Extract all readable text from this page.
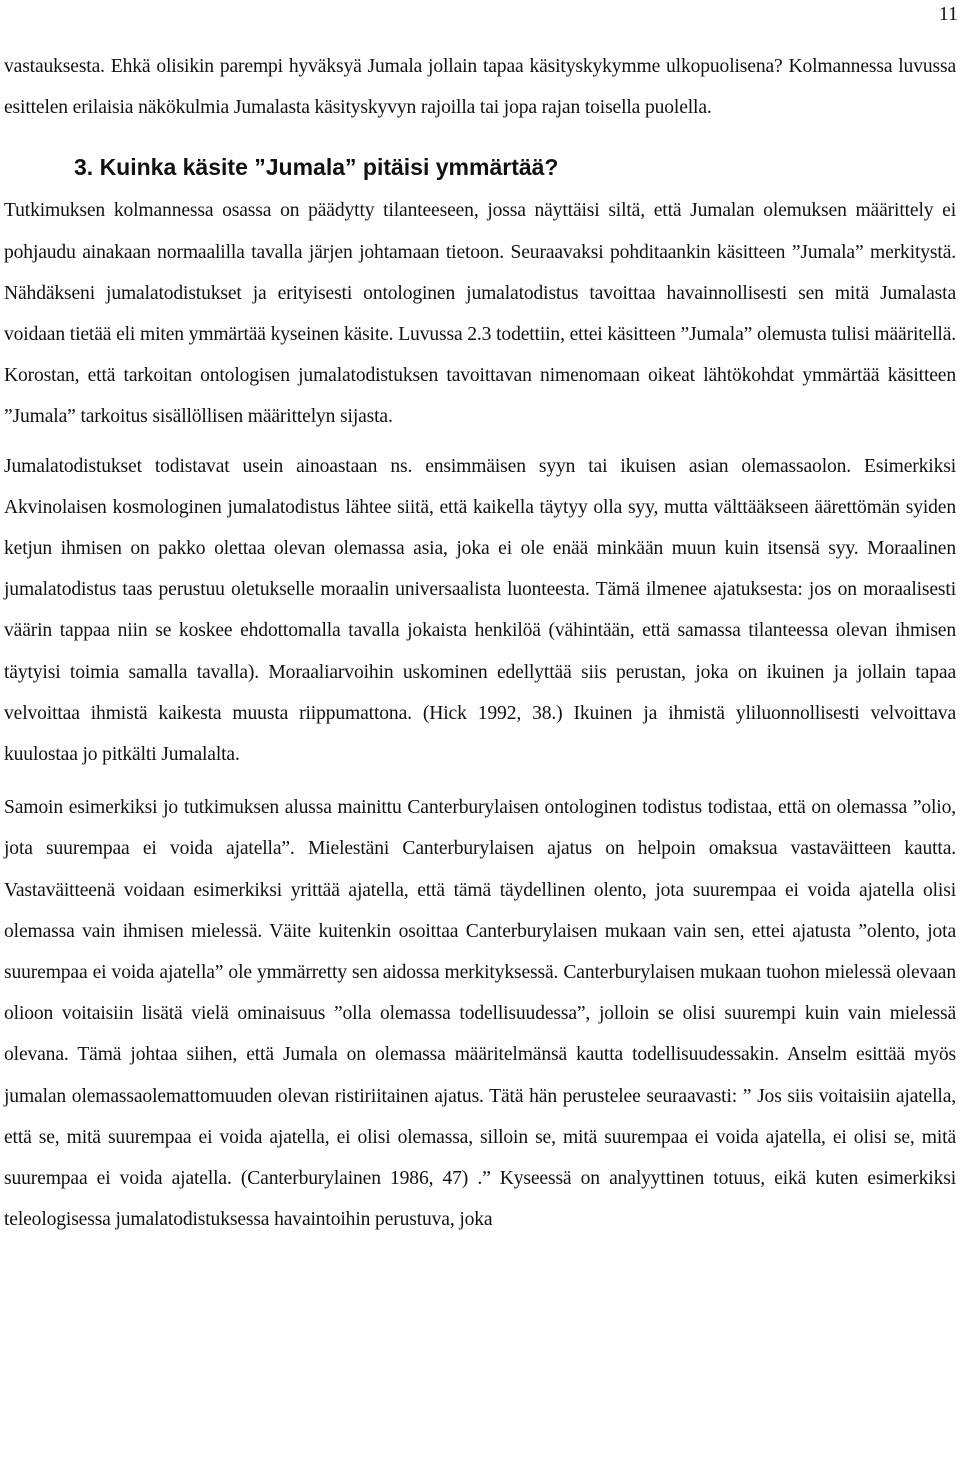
11

vastauksesta. Ehkä olisikin parempi hyväksyä Jumala jollain tapaa käsityskykymme ulkopuolisena? Kolmannessa luvussa esittelen erilaisia näkökulmia Jumalasta käsityskyvyn rajoilla tai jopa rajan toisella puolella.

3. Kuinka käsite ”Jumala” pitäisi ymmärtää?

Tutkimuksen kolmannessa osassa on päädytty tilanteeseen, jossa näyttäisi siltä, että Jumalan olemuksen määrittely ei pohjaudu ainakaan normaalilla tavalla järjen johtamaan tietoon. Seuraavaksi pohditaankin käsitteen ”Jumala” merkitystä. Nähdäkseni jumalatodistukset ja erityisesti ontologinen jumalatodistus tavoittaa havainnollisesti sen mitä Jumalasta voidaan tietää eli miten ymmärtää kyseinen käsite. Luvussa 2.3 todettiin, ettei käsitteen ”Jumala” olemusta tulisi määritellä. Korostan, että tarkoitan ontologisen jumalatodistuksen tavoittavan nimenomaan oikeat lähtökohdat ymmärtää käsitteen ”Jumala” tarkoitus sisällöllisen määrittelyn sijasta.

Jumalatodistukset todistavat usein ainoastaan ns. ensimmäisen syyn tai ikuisen asian olemassaolon. Esimerkiksi Akvinolaisen kosmologinen jumalatodistus lähtee siitä, että kaikella täytyy olla syy, mutta välttääkseen äärettömän syiden ketjun ihmisen on pakko olettaa olevan olemassa asia, joka ei ole enää minkään muun kuin itsensä syy. Moraalinen jumalatodistus taas perustuu oletukselle moraalin universaalista luonteesta. Tämä ilmenee ajatuksesta: jos on moraalisesti väärin tappaa niin se koskee ehdottomalla tavalla jokaista henkilöä (vähintään, että samassa tilanteessa olevan ihmisen täytyisi toimia samalla tavalla). Moraaliarvoihin uskominen edellyttää siis perustan, joka on ikuinen ja jollain tapaa velvoittaa ihmistä kaikesta muusta riippumattona. (Hick 1992, 38.) Ikuinen ja ihmistä yliluonnollisesti velvoittava kuulostaa jo pitkälti Jumalalta.

Samoin esimerkiksi jo tutkimuksen alussa mainittu Canterburylaisen ontologinen todistus todistaa, että on olemassa ”olio, jota suurempaa ei voida ajatella”. Mielestäni Canterburylaisen ajatus on helpoin omaksua vastaväitteen kautta. Vastaväitteenä voidaan esimerkiksi yrittää ajatella, että tämä täydellinen olento, jota suurempaa ei voida ajatella olisi olemassa vain ihmisen mielessä. Väite kuitenkin osoittaa Canterburylaisen mukaan vain sen, ettei ajatusta ”olento, jota suurempaa ei voida ajatella” ole ymmärretty sen aidossa merkityksessä. Canterburylaisen mukaan tuohon mielessä olevaan olioon voitaisiin lisätä vielä ominaisuus ”olla olemassa todellisuudessa”, jolloin se olisi suurempi kuin vain mielessä olevana. Tämä johtaa siihen, että Jumala on olemassa määritelmänsä kautta todellisuudessakin. Anselm esittää myös jumalan olemassaolemattomuuden olevan ristiriitainen ajatus. Tätä hän perustelee seuraavasti: ” Jos siis voitaisiin ajatella, että se, mitä suurempaa ei voida ajatella, ei olisi olemassa, silloin se, mitä suurempaa ei voida ajatella, ei olisi se, mitä suurempaa ei voida ajatella. (Canterburylainen 1986, 47) .” Kyseessä on analyyttinen totuus, eikä kuten esimerkiksi teleologisessa jumalatodistuksessa havaintoihin perustuva, joka
